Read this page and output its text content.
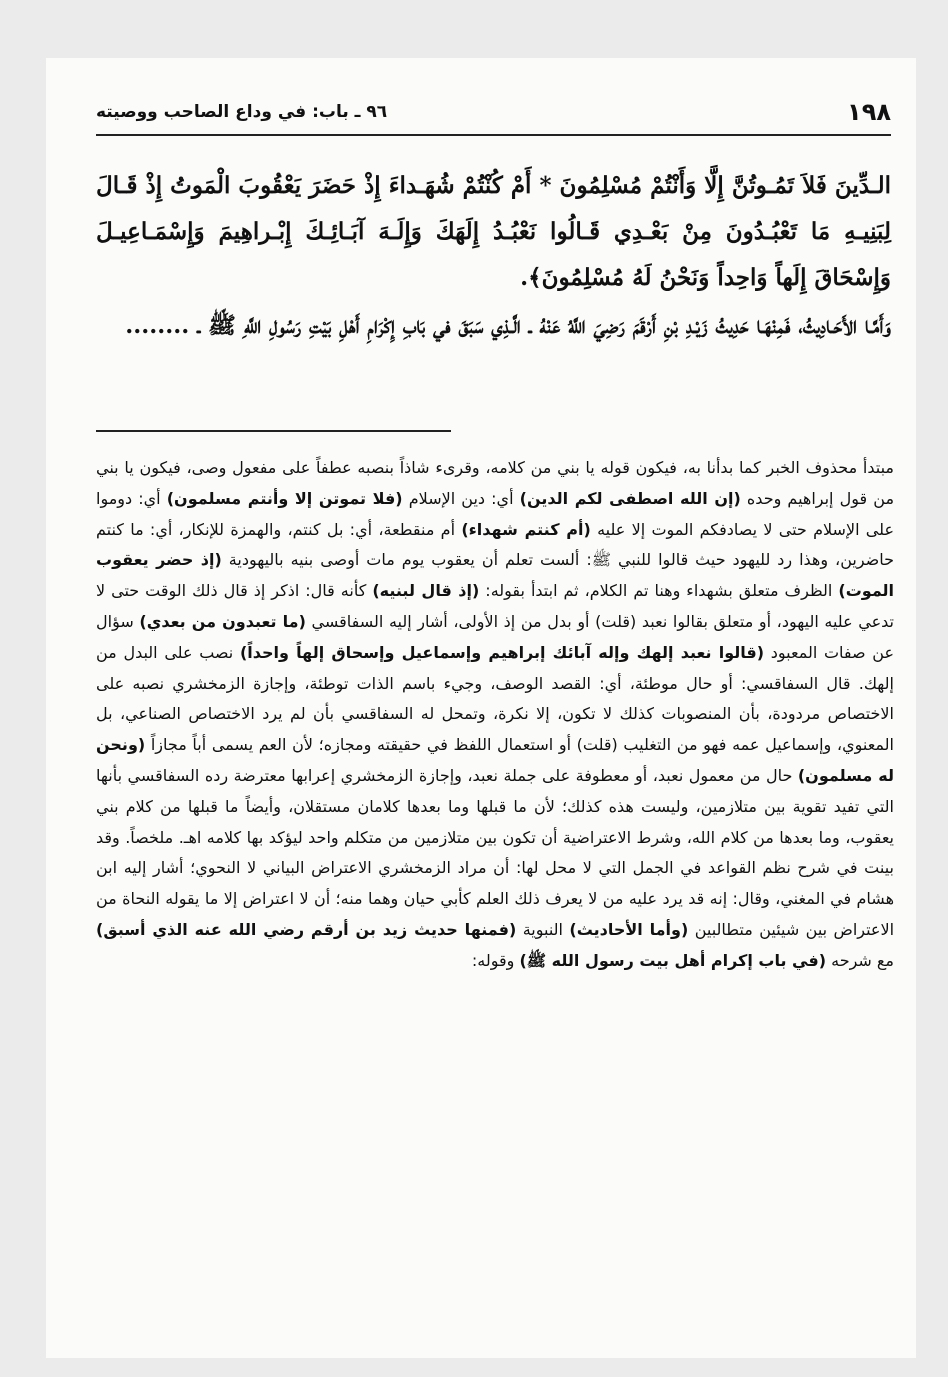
١٩٨
٩٦ ـ باب: في وداع الصاحب ووصيته

الـدِّينَ فَلاَ تَمُـوتُنَّ إِلَّا وَأَنْتُمْ مُسْلِمُونَ * أَمْ كُنْتُمْ شُهَـداءَ إِذْ حَضَرَ يَعْقُوبَ الْمَوتُ إِذْ قَـالَ لِبَنِيـهِ مَا تَعْبُـدُونَ مِنْ بَعْـدِي قَـالُوا نَعْبُـدُ إِلَهَكَ وَإِلَـهَ آبَـائِـكَ إِبْـراهِيمَ وَإِسْمَـاعِيـلَ وَإِسْحَاقَ إِلَهاً وَاحِداً وَنَحْنُ لَهُ مُسْلِمُونَ﴾.

وَأَمَّـا الأَحَـادِيثُ، فَمِنْهَـا حَدِيثُ زَيْـدِ بْنِ أَرْقَمَ رَضِيَ اللَّهُ عَنْهُ ـ الَّـذِي سَبَقَ في بَابِ إِكْرَامِ أَهْلِ بَيْتِ رَسُولِ اللَّهِ ﷺ ـ ........

مبتدأ محذوف الخبر كما بدأنا به، فيكون قوله يا بني من كلامه، وقرىء شاذاً بنصبه عطفاً على مفعول وصى، فيكون يا بني من قول إبراهيم وحده (إن الله اصطفى لكم الدين) أي: دين الإسلام (فلا تموتن إلا وأنتم مسلمون) أي: دوموا على الإسلام حتى لا يصادفكم الموت إلا عليه (أم كنتم شهداء) أم منقطعة، أي: بل كنتم، والهمزة للإنكار، أي: ما كنتم حاضرين، وهذا رد لليهود حيث قالوا للنبي ﷺ: ألست تعلم أن يعقوب يوم مات أوصى بنيه باليهودية (إذ حضر يعقوب الموت) الظرف متعلق بشهداء وهنا تم الكلام، ثم ابتدأ بقوله: (إذ قال لبنيه) كأنه قال: اذكر إذ قال ذلك الوقت حتى لا تدعي عليه اليهود، أو متعلق بقالوا نعبد (قلت) أو بدل من إذ الأولى، أشار إليه السفاقسي (ما تعبدون من بعدي) سؤال عن صفات المعبود (قالوا نعبد إلهك وإله آبائك إبراهيم وإسماعيل وإسحاق إلهاً واحداً) نصب على البدل من إلهك. قال السفاقسي: أو حال موطئة، أي: القصد الوصف، وجيء باسم الذات توطئة، وإجازة الزمخشري نصبه على الاختصاص مردودة، بأن المنصوبات كذلك لا تكون، إلا نكرة، وتمحل له السفاقسي بأن لم يرد الاختصاص الصناعي، بل المعنوي، وإسماعيل عمه فهو من التغليب (قلت) أو استعمال اللفظ في حقيقته ومجازه؛ لأن العم يسمى أباً مجازاً (ونحن له مسلمون) حال من معمول نعبد، أو معطوفة على جملة نعبد، وإجازة الزمخشري إعرابها معترضة رده السفاقسي بأنها التي تفيد تقوية بين متلازمين، وليست هذه كذلك؛ لأن ما قبلها وما بعدها كلامان مستقلان، وأيضاً ما قبلها من كلام بني يعقوب، وما بعدها من كلام الله، وشرط الاعتراضية أن تكون بين متلازمين من متكلم واحد ليؤكد بها كلامه اهـ. ملخصاً. وقد بينت في شرح نظم القواعد في الجمل التي لا محل لها: أن مراد الزمخشري الاعتراض البياني لا النحوي؛ أشار إليه ابن هشام في المغني، وقال: إنه قد يرد عليه من لا يعرف ذلك العلم كأبي حيان وهما منه؛ أن لا اعتراض إلا ما يقوله النحاة من الاعتراض بين شيئين متطالبين (وأما الأحاديث) النبوية (فمنها حديث زيد بن أرقم رضي الله عنه الذي أسبق) مع شرحه (في باب إكرام أهل بيت رسول الله ﷺ) وقوله:
